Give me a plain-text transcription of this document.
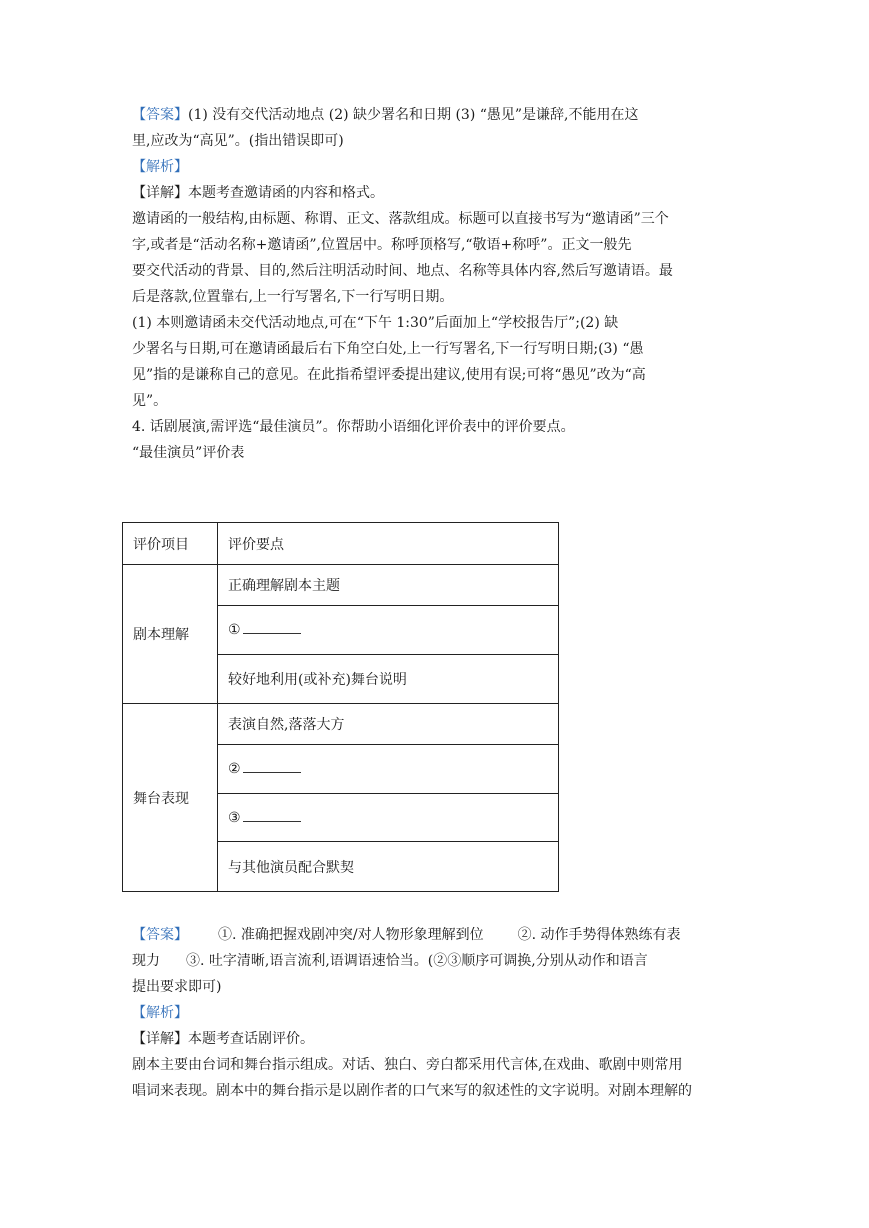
【答案】(1) 没有交代活动地点 (2) 缺少署名和日期 (3) “愚见”是谦辞,不能用在这
里,应改为“高见”。(指出错误即可)
【解析】
【详解】本题考查邀请函的内容和格式。
邀请函的一般结构,由标题、称谓、正文、落款组成。标题可以直接书写为“邀请函”三个
字,或者是“活动名称+邀请函”,位置居中。称呼顶格写,“敬语+称呼”。正文一般先
要交代活动的背景、目的,然后注明活动时间、地点、名称等具体内容,然后写邀请语。最
后是落款,位置靠右,上一行写署名,下一行写明日期。
(1) 本则邀请函未交代活动地点,可在“下午 1:30”后面加上“学校报告厅”;(2) 缺
少署名与日期,可在邀请函最后右下角空白处,上一行写署名,下一行写明日期;(3) “愚
见”指的是谦称自己的意见。在此指希望评委提出建议,使用有误;可将“愚见”改为“高
见”。
4. 话剧展演,需评选“最佳演员”。你帮助小语细化评价表中的评价要点。
“最佳演员”评价表
评价项目	评价要点
剧本理解	正确理解剧本主题
	①
	较好地利用(或补充)舞台说明
舞台表现	表演自然,落落大方
	②
	③
	与其他演员配合默契
【答案】 ①. 准确把握戏剧冲突/对人物形象理解到位 ②. 动作手势得体熟练有表
现力 ③. 吐字清晰,语言流利,语调语速恰当。(②③顺序可调换,分别从动作和语言
提出要求即可)
【解析】
【详解】本题考查话剧评价。
剧本主要由台词和舞台指示组成。对话、独白、旁白都采用代言体,在戏曲、歌剧中则常用
唱词来表现。剧本中的舞台指示是以剧作者的口气来写的叙述性的文字说明。对剧本理解的
